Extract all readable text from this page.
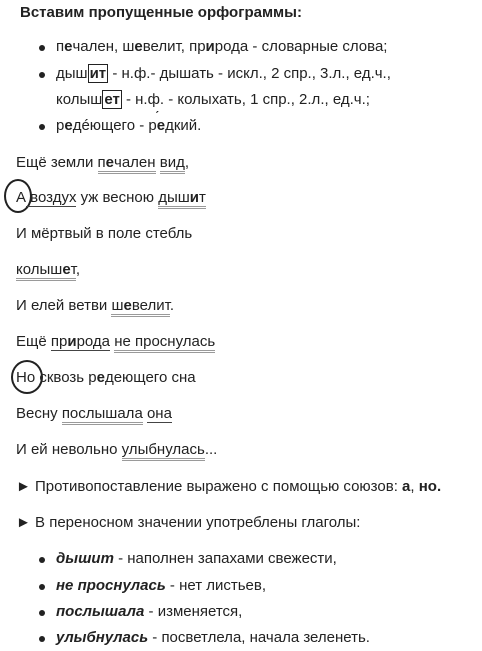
Вставим пропущенные орфограммы:
печален, шевелит, природа - словарные слова;
дыш ит - н.ф.- дышать - искл., 2 спр., 3.л., ед.ч.,
колыш ет - н.ф. - колыхать, 1 спр., 2.л., ед.ч.;
редéющего - ре ́дкий.
Ещё земли печален вид,
А воздух уж весною дышит
И мёртвый в поле стебль
колышет,
И елей ветви шевелит.
Ещё природа не проснулась
Но сквозь редеющего сна
Весну послышала она
И ей невольно улыбнулась...
► Противопоставление выражено с помощью союзов: а, но.
► В переносном значении употреблены глаголы:
дышит - наполнен запахами свежести,
не проснулась - нет листьев,
послышала - изменяется,
улыбнулась - посветлела, начала зеленеть.
